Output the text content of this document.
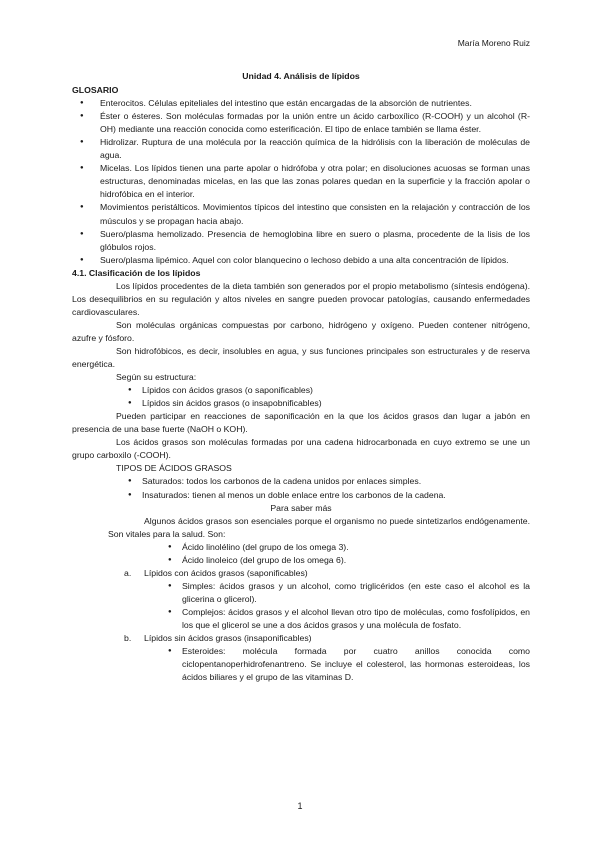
María Moreno Ruiz

Unidad 4. Análisis de lípidos

GLOSARIO

● Enterocitos. Células epiteliales del intestino que están encargadas de la absorción de nutrientes.
● Éster o ésteres. Son moléculas formadas por la unión entre un ácido carboxílico (R-COOH) y un alcohol (R-OH) mediante una reacción conocida como esterificación. El tipo de enlace también se llama éster.
● Hidrolizar. Ruptura de una molécula por la reacción química de la hidrólisis con la liberación de moléculas de agua.
● Micelas. Los lípidos tienen una parte apolar o hidrófoba y otra polar; en disoluciones acuosas se forman unas estructuras, denominadas micelas, en las que las zonas polares quedan en la superficie y la fracción apolar o hidrofóbica en el interior.
● Movimientos peristálticos. Movimientos típicos del intestino que consisten en la relajación y contracción de los músculos y se propagan hacia abajo.
● Suero/plasma hemolizado. Presencia de hemoglobina libre en suero o plasma, procedente de la lisis de los glóbulos rojos.
● Suero/plasma lipémico. Aquel con color blanquecino o lechoso debido a una alta concentración de lípidos.

4.1. Clasificación de los lípidos

Los lípidos procedentes de la dieta también son generados por el propio metabolismo (síntesis endógena). Los desequilibrios en su regulación y altos niveles en sangre pueden provocar patologías, causando enfermedades cardiovasculares.

Son moléculas orgánicas compuestas por carbono, hidrógeno y oxígeno. Pueden contener nitrógeno, azufre y fósforo.

Son hidrofóbicos, es decir, insolubles en agua, y sus funciones principales son estructurales y de reserva energética.

Según su estructura:

● Lípidos con ácidos grasos (o saponificables)
● Lípidos sin ácidos grasos (o insapobnificables)

Pueden participar en reacciones de saponificación en la que los ácidos grasos dan lugar a jabón en presencia de una base fuerte (NaOH o KOH).

Los ácidos grasos son moléculas formadas por una cadena hidrocarbonada en cuyo extremo se une un grupo carboxilo (-COOH).

TIPOS DE ÁCIDOS GRASOS

● Saturados: todos los carbonos de la cadena unidos por enlaces simples.
● Insaturados: tienen al menos un doble enlace entre los carbonos de la cadena.

Para saber más

Algunos ácidos grasos son esenciales porque el organismo no puede sintetizarlos endógenamente. Son vitales para la salud. Son:

● Ácido linolélino (del grupo de los omega 3).
● Ácido linoleico (del grupo de los omega 6).
a. Lípidos con ácidos grasos (saponificables)
● Simples: ácidos grasos y un alcohol, como triglicéridos (en este caso el alcohol es la glicerina o glicerol).
● Complejos: ácidos grasos y el alcohol llevan otro tipo de moléculas, como fosfolípidos, en los que el glicerol se une a dos ácidos grasos y una molécula de fosfato.
b. Lípidos sin ácidos grasos (insaponificables)
● Esteroides: molécula formada por cuatro anillos conocida como ciclopentanoperhidrofenantreno. Se incluye el colesterol, las hormonas esteroideas, los ácidos biliares y el grupo de las vitaminas D.
1
